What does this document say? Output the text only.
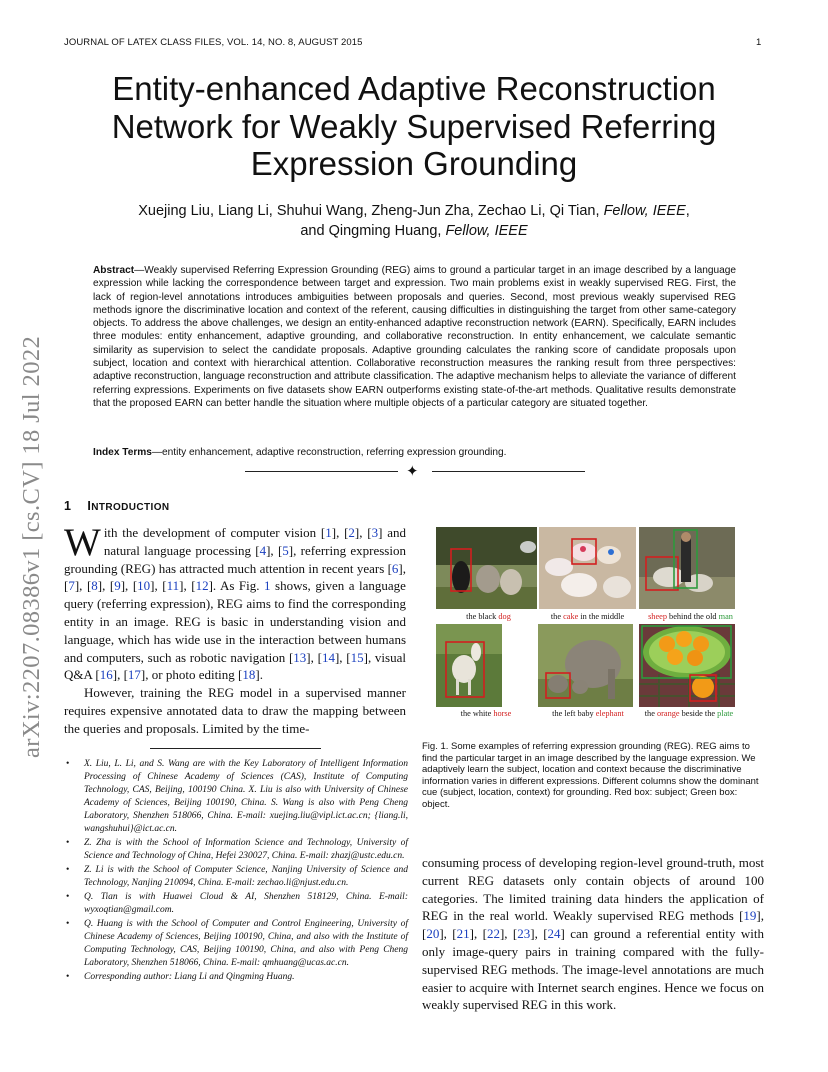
JOURNAL OF LATEX CLASS FILES, VOL. 14, NO. 8, AUGUST 2015	1
arXiv:2207.08386v1 [cs.CV] 18 Jul 2022
Entity-enhanced Adaptive Reconstruction Network for Weakly Supervised Referring Expression Grounding
Xuejing Liu, Liang Li, Shuhui Wang, Zheng-Jun Zha, Zechao Li, Qi Tian, Fellow, IEEE,
and Qingming Huang, Fellow, IEEE
Abstract—Weakly supervised Referring Expression Grounding (REG) aims to ground a particular target in an image described by a language expression while lacking the correspondence between target and expression. Two main problems exist in weakly supervised REG. First, the lack of region-level annotations introduces ambiguities between proposals and queries. Second, most previous weakly supervised REG methods ignore the discriminative location and context of the referent, causing difficulties in distinguishing the target from other same-category objects. To address the above challenges, we design an entity-enhanced adaptive reconstruction network (EARN). Specifically, EARN includes three modules: entity enhancement, adaptive grounding, and collaborative reconstruction. In entity enhancement, we calculate semantic similarity as supervision to select the candidate proposals. Adaptive grounding calculates the ranking score of candidate proposals upon subject, location and context with hierarchical attention. Collaborative reconstruction measures the ranking result from three perspectives: adaptive reconstruction, language reconstruction and attribute classification. The adaptive mechanism helps to alleviate the variance of different referring expressions. Experiments on five datasets show EARN outperforms existing state-of-the-art methods. Qualitative results demonstrate that the proposed EARN can better handle the situation where multiple objects of a particular category are situated together.
Index Terms—entity enhancement, adaptive reconstruction, referring expression grounding.
✦
1 INTRODUCTION

With the development of computer vision [1], [2], [3] and natural language processing [4], [5], referring expression grounding (REG) has attracted much attention in recent years [6], [7], [8], [9], [10], [11], [12]. As Fig. 1 shows, given a language query (referring expression), REG aims to find the corresponding entity in an image. REG is basic in understanding vision and language, which has wide use in the interaction between humans and computers, such as robotic navigation [13], [14], [15], visual Q&A [16], [17], or photo editing [18].

However, training the REG model in a supervised manner requires expensive annotated data to draw the mapping between the queries and proposals. Limited by the time-

• X. Liu, L. Li, and S. Wang are with the Key Laboratory of Intelligent Information Processing of Chinese Academy of Sciences (CAS), Institute of Computing Technology, CAS, Beijing, 100190 China. X. Liu is also with University of Chinese Academy of Sciences, Beijing 100190, China. S. Wang is also with Peng Cheng Laboratory, Shenzhen 518066, China. E-mail: xuejing.liu@vipl.ict.ac.cn; {liang.li, wangshuhui}@ict.ac.cn.
• Z. Zha is with the School of Information Science and Technology, University of Science and Technology of China, Hefei 230027, China. E-mail: zhazj@ustc.edu.cn.
• Z. Li is with the School of Computer Science, Nanjing University of Science and Technology, Nanjing 210094, China. E-mail: zechao.li@njust.edu.cn.
• Q. Tian is with Huawei Cloud & AI, Shenzhen 518129, China. E-mail: wyxoqtian@gmail.com.
• Q. Huang is with the School of Computer and Control Engineering, University of Chinese Academy of Sciences, Beijing 100190, China, and also with the Institute of Computing Technology, CAS, Beijing 100190, China, and also with Peng Cheng Laboratory, Shenzhen 518066, China. E-mail: qmhuang@ucas.ac.cn.
• Corresponding author: Liang Li and Qingming Huang.
the black dog	the cake in the middle	sheep behind the old man
the white horse	the left baby elephant	the orange beside the plate
Fig. 1. Some examples of referring expression grounding (REG). REG aims to find the particular target in an image described by the language expression. We adaptively learn the subject, location and context because the discriminative information varies in different expressions. Different columns show the dominant cue (subject, location, context) for grounding. Red box: subject; Green box: object.

consuming process of developing region-level ground-truth, most current REG datasets only contain objects of around 100 categories. The limited training data hinders the application of REG in the real world. Weakly supervised REG methods [19], [20], [21], [22], [23], [24] can ground a referential entity with only image-query pairs in training compared with the fully-supervised REG methods. The image-level annotations are much easier to acquire with Internet search engines. Hence we focus on weakly supervised REG in this work.
